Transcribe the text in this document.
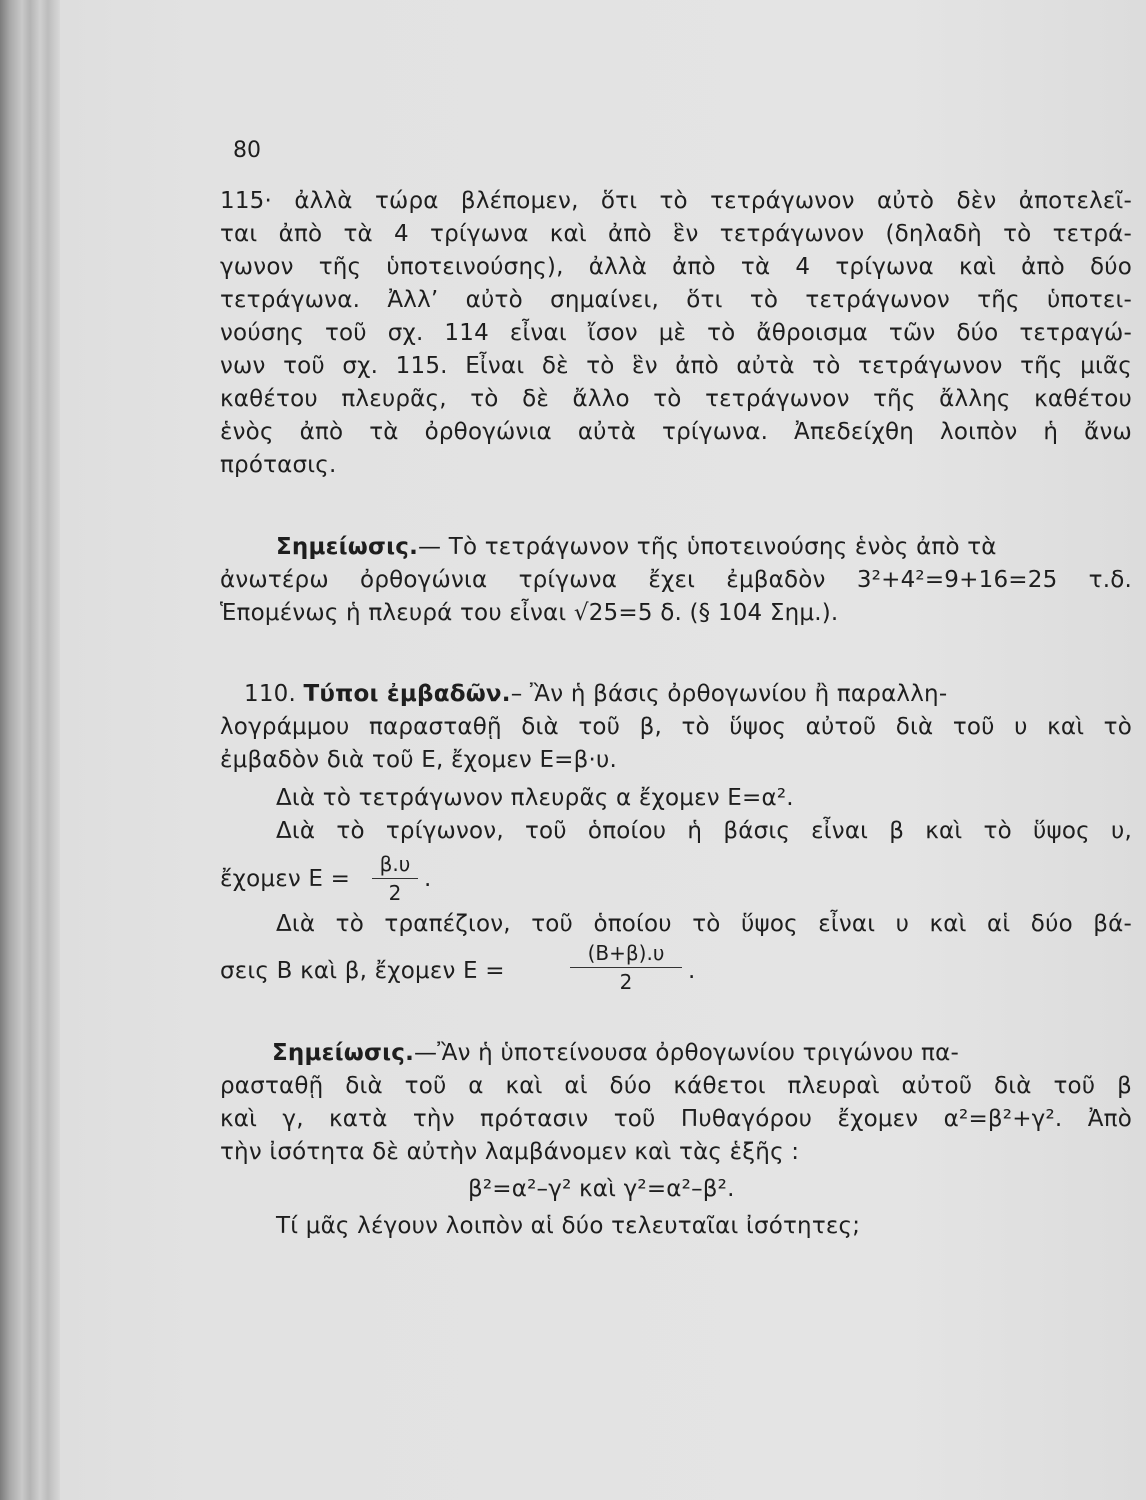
80
115· ἀλλὰ τώρα βλέπομεν, ὅτι τὸ τετράγωνον αὐτὸ δὲν ἀποτελεῖ-
ται ἀπὸ τὰ 4 τρίγωνα καὶ ἀπὸ ἓν τετράγωνον (δηλαδὴ τὸ τετρά-
γωνον τῆς ὑποτεινούσης), ἀλλὰ ἀπὸ τὰ 4 τρίγωνα καὶ ἀπὸ δύο
τετράγωνα. Ἀλλ’ αὐτὸ σημαίνει, ὅτι τὸ τετράγωνον τῆς ὑποτει-
νούσης τοῦ σχ. 114 εἶναι ἴσον μὲ τὸ ἄθροισμα τῶν δύο τετραγώ-
νων τοῦ σχ. 115. Εἶναι δὲ τὸ ἓν ἀπὸ αὐτὰ τὸ τετράγωνον τῆς μιᾶς
καθέτου πλευρᾶς, τὸ δὲ ἄλλο τὸ τετράγωνον τῆς ἄλλης καθέτου
ἑνὸς ἀπὸ τὰ ὀρθογώνια αὐτὰ τρίγωνα. Ἀπεδείχθη λοιπὸν ἡ ἄνω
πρότασις.
Σημείωσις.— Τὸ τετράγωνον τῆς ὑποτεινούσης ἑνὸς ἀπὸ τὰ
ἀνωτέρω ὀρθογώνια τρίγωνα ἔχει ἐμβαδὸν 3²+4²=9+16=25 τ.δ.
Ἑπομένως ἡ πλευρά του εἶναι √25=5 δ. (§ 104 Σημ.).
110. Τύποι ἐμβαδῶν.– Ἂν ἡ βάσις ὀρθογωνίου ἢ παραλλη-
λογράμμου παρασταθῇ διὰ τοῦ β, τὸ ὕψος αὐτοῦ διὰ τοῦ υ καὶ τὸ
ἐμβαδὸν διὰ τοῦ Ε, ἔχομεν Ε=β·υ.
Διὰ τὸ τετράγωνον πλευρᾶς α ἔχομεν Ε=α².
Διὰ τὸ τρίγωνον, τοῦ ὁποίου ἡ βάσις εἶναι β καὶ τὸ ὕψος υ,
ἔχομεν Ε =
β.υ
2
.
Διὰ τὸ τραπέζιον, τοῦ ὁποίου τὸ ὕψος εἶναι υ καὶ αἱ δύο βά-
σεις Β καὶ β, ἔχομεν Ε =
(Β+β).υ
2	.
Σημείωσις.—Ἂν ἡ ὑποτείνουσα ὀρθογωνίου τριγώνου πα-
ρασταθῇ διὰ τοῦ α καὶ αἱ δύο κάθετοι πλευραὶ αὐτοῦ διὰ τοῦ β
καὶ γ, κατὰ τὴν πρότασιν τοῦ Πυθαγόρου ἔχομεν α²=β²+γ². Ἀπὸ
τὴν ἰσότητα δὲ αὐτὴν λαμβάνομεν καὶ τὰς ἑξῆς :
β²=α²–γ² καὶ γ²=α²–β².
Τί μᾶς λέγουν λοιπὸν αἱ δύο τελευταῖαι ἰσότητες;
